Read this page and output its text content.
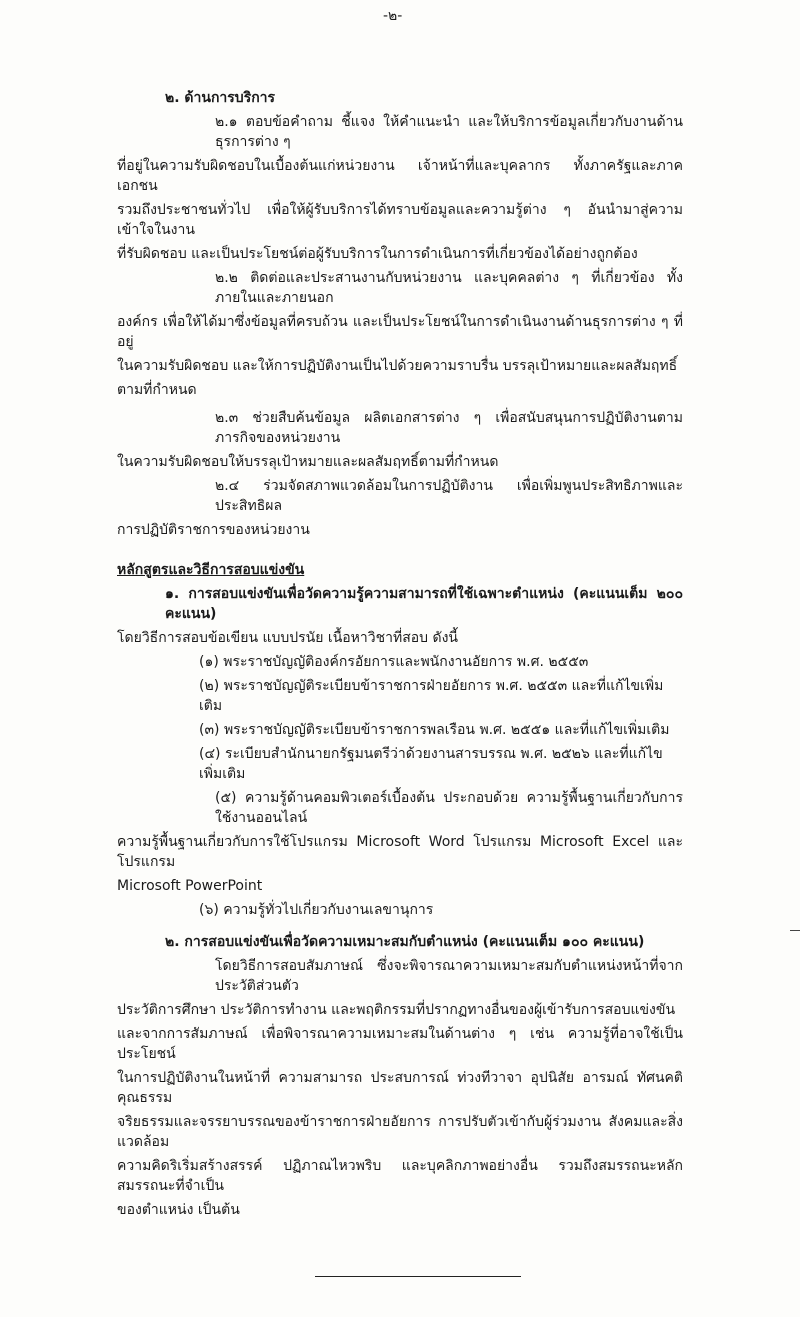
-๒-
๒. ด้านการบริการ
๒.๑ ตอบข้อคำถาม ชี้แจง ให้คำแนะนำ และให้บริการข้อมูลเกี่ยวกับงานด้านธุรการต่าง ๆ
ที่อยู่ในความรับผิดชอบในเบื้องต้นแก่หน่วยงาน เจ้าหน้าที่และบุคลากร ทั้งภาครัฐและภาคเอกชน
รวมถึงประชาชนทั่วไป เพื่อให้ผู้รับบริการได้ทราบข้อมูลและความรู้ต่าง ๆ อันนำมาสู่ความเข้าใจในงาน
ที่รับผิดชอบ และเป็นประโยชน์ต่อผู้รับบริการในการดำเนินการที่เกี่ยวข้องได้อย่างถูกต้อง
๒.๒ ติดต่อและประสานงานกับหน่วยงาน และบุคคลต่าง ๆ ที่เกี่ยวข้อง ทั้งภายในและภายนอก
องค์กร เพื่อให้ได้มาซึ่งข้อมูลที่ครบถ้วน และเป็นประโยชน์ในการดำเนินงานด้านธุรการต่าง ๆ ที่อยู่
ในความรับผิดชอบ และให้การปฏิบัติงานเป็นไปด้วยความราบรื่น บรรลุเป้าหมายและผลสัมฤทธิ์
ตามที่กำหนด
๒.๓ ช่วยสืบค้นข้อมูล ผลิตเอกสารต่าง ๆ เพื่อสนับสนุนการปฏิบัติงานตามภารกิจของหน่วยงาน
ในความรับผิดชอบให้บรรลุเป้าหมายและผลสัมฤทธิ์ตามที่กำหนด
๒.๔ ร่วมจัดสภาพแวดล้อมในการปฏิบัติงาน เพื่อเพิ่มพูนประสิทธิภาพและประสิทธิผล
การปฏิบัติราชการของหน่วยงาน
หลักสูตรและวิธีการสอบแข่งขัน
๑. การสอบแข่งขันเพื่อวัดความรู้ความสามารถที่ใช้เฉพาะตำแหน่ง (คะแนนเต็ม ๒๐๐ คะแนน)
โดยวิธีการสอบข้อเขียน แบบปรนัย เนื้อหาวิชาที่สอบ ดังนี้
(๑) พระราชบัญญัติองค์กรอัยการและพนักงานอัยการ พ.ศ. ๒๕๕๓
(๒) พระราชบัญญัติระเบียบข้าราชการฝ่ายอัยการ พ.ศ. ๒๕๕๓ และที่แก้ไขเพิ่มเติม
(๓) พระราชบัญญัติระเบียบข้าราชการพลเรือน พ.ศ. ๒๕๕๑ และที่แก้ไขเพิ่มเติม
(๔) ระเบียบสำนักนายกรัฐมนตรีว่าด้วยงานสารบรรณ พ.ศ. ๒๕๒๖ และที่แก้ไขเพิ่มเติม
(๕) ความรู้ด้านคอมพิวเตอร์เบื้องต้น ประกอบด้วย ความรู้พื้นฐานเกี่ยวกับการใช้งานออนไลน์
ความรู้พื้นฐานเกี่ยวกับการใช้โปรแกรม Microsoft Word โปรแกรม Microsoft Excel และโปรแกรม
Microsoft PowerPoint
(๖) ความรู้ทั่วไปเกี่ยวกับงานเลขานุการ
๒. การสอบแข่งขันเพื่อวัดความเหมาะสมกับตำแหน่ง (คะแนนเต็ม ๑๐๐ คะแนน)
โดยวิธีการสอบสัมภาษณ์ ซึ่งจะพิจารณาความเหมาะสมกับตำแหน่งหน้าที่จากประวัติส่วนตัว
ประวัติการศึกษา ประวัติการทำงาน และพฤติกรรมที่ปรากฏทางอื่นของผู้เข้ารับการสอบแข่งขัน
และจากการสัมภาษณ์ เพื่อพิจารณาความเหมาะสมในด้านต่าง ๆ เช่น ความรู้ที่อาจใช้เป็นประโยชน์
ในการปฏิบัติงานในหน้าที่ ความสามารถ ประสบการณ์ ท่วงทีวาจา อุปนิสัย อารมณ์ ทัศนคติ คุณธรรม
จริยธรรมและจรรยาบรรณของข้าราชการฝ่ายอัยการ การปรับตัวเข้ากับผู้ร่วมงาน สังคมและสิ่งแวดล้อม
ความคิดริเริ่มสร้างสรรค์ ปฏิภาณไหวพริบ และบุคลิกภาพอย่างอื่น รวมถึงสมรรถนะหลัก สมรรถนะที่จำเป็น
ของตำแหน่ง เป็นต้น
